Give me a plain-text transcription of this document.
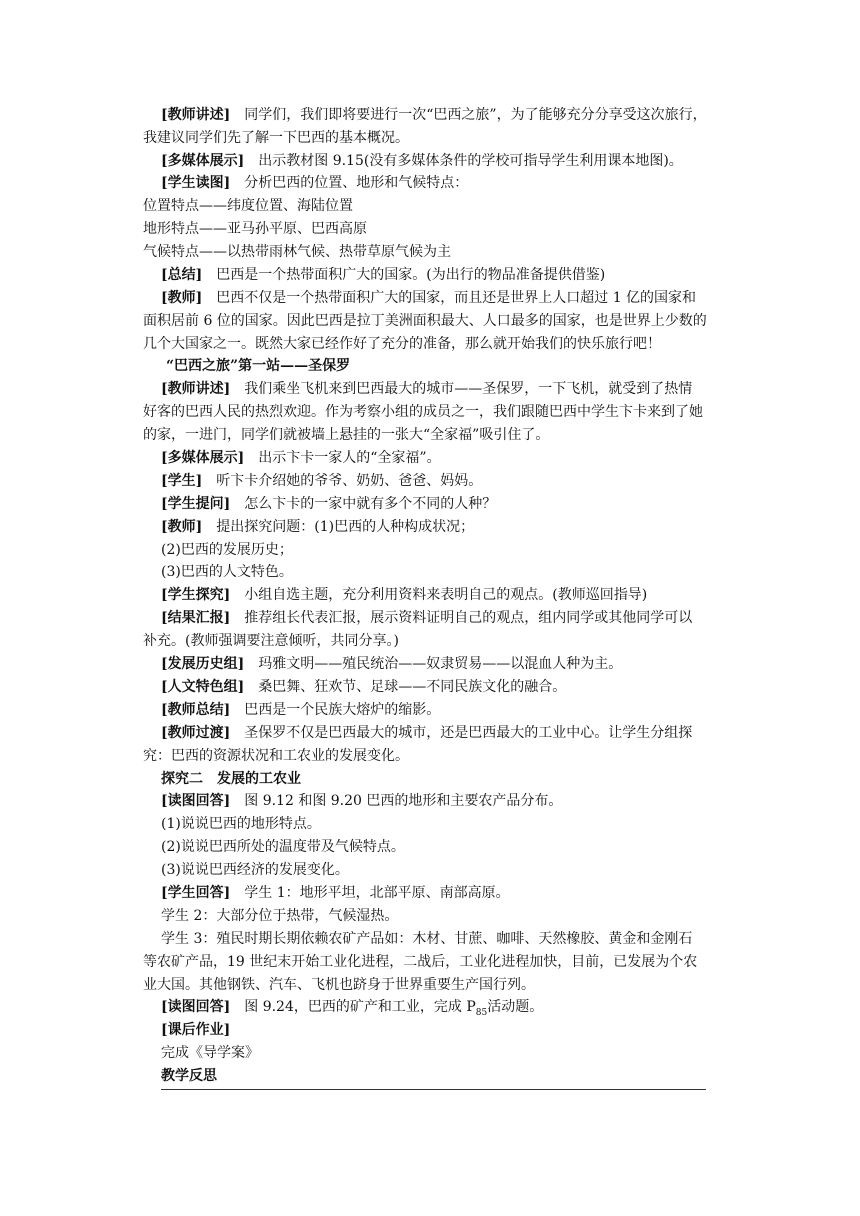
[教师讲述] 同学们，我们即将要进行一次“巴西之旅”，为了能够充分分享受这次旅行，
我建议同学们先了解一下巴西的基本概况。
[多媒体展示] 出示教材图 9.15(没有多媒体条件的学校可指导学生利用课本地图)。
[学生读图] 分析巴西的位置、地形和气候特点：
位置特点——纬度位置、海陆位置
地形特点——亚马孙平原、巴西高原
气候特点——以热带雨林气候、热带草原气候为主
[总结] 巴西是一个热带面积广大的国家。(为出行的物品准备提供借鉴)
[教师] 巴西不仅是一个热带面积广大的国家，而且还是世界上人口超过 1 亿的国家和
面积居前 6 位的国家。因此巴西是拉丁美洲面积最大、人口最多的国家，也是世界上少数的
几个大国家之一。既然大家已经作好了充分的准备，那么就开始我们的快乐旅行吧！
“巴西之旅”第一站——圣保罗
[教师讲述] 我们乘坐飞机来到巴西最大的城市——圣保罗，一下飞机，就受到了热情
好客的巴西人民的热烈欢迎。作为考察小组的成员之一，我们跟随巴西中学生卞卡来到了她
的家，一进门，同学们就被墙上悬挂的一张大“全家福”吸引住了。
[多媒体展示] 出示卞卡一家人的“全家福”。
[学生] 听卞卡介绍她的爷爷、奶奶、爸爸、妈妈。
[学生提问] 怎么卞卡的一家中就有多个不同的人种？
[教师] 提出探究问题：(1)巴西的人种构成状况；
(2)巴西的发展历史；
(3)巴西的人文特色。
[学生探究] 小组自选主题，充分利用资料来表明自己的观点。(教师巡回指导)
[结果汇报] 推荐组长代表汇报，展示资料证明自己的观点，组内同学或其他同学可以
补充。(教师强调要注意倾听，共同分享。)
[发展历史组] 玛雅文明——殖民统治——奴隶贸易——以混血人种为主。
[人文特色组] 桑巴舞、狂欢节、足球——不同民族文化的融合。
[教师总结] 巴西是一个民族大熔炉的缩影。
[教师过渡] 圣保罗不仅是巴西最大的城市，还是巴西最大的工业中心。让学生分组探
究：巴西的资源状况和工农业的发展变化。
探究二　发展的工农业
[读图回答] 图 9.12 和图 9.20 巴西的地形和主要农产品分布。
(1)说说巴西的地形特点。
(2)说说巴西所处的温度带及气候特点。
(3)说说巴西经济的发展变化。
[学生回答] 学生 1：地形平坦，北部平原、南部高原。
学生 2：大部分位于热带，气候湿热。
学生 3：殖民时期长期依赖农矿产品如：木材、甘蔗、咖啡、天然橡胶、黄金和金刚石
等农矿产品，19 世纪末开始工业化进程，二战后，工业化进程加快，目前，已发展为个农
业大国。其他钢铁、汽车、飞机也跻身于世界重要生产国行列。
[读图回答] 图 9.24，巴西的矿产和工业，完成 $P_{85}$活动题。
[课后作业]
完成《导学案》
教学反思
